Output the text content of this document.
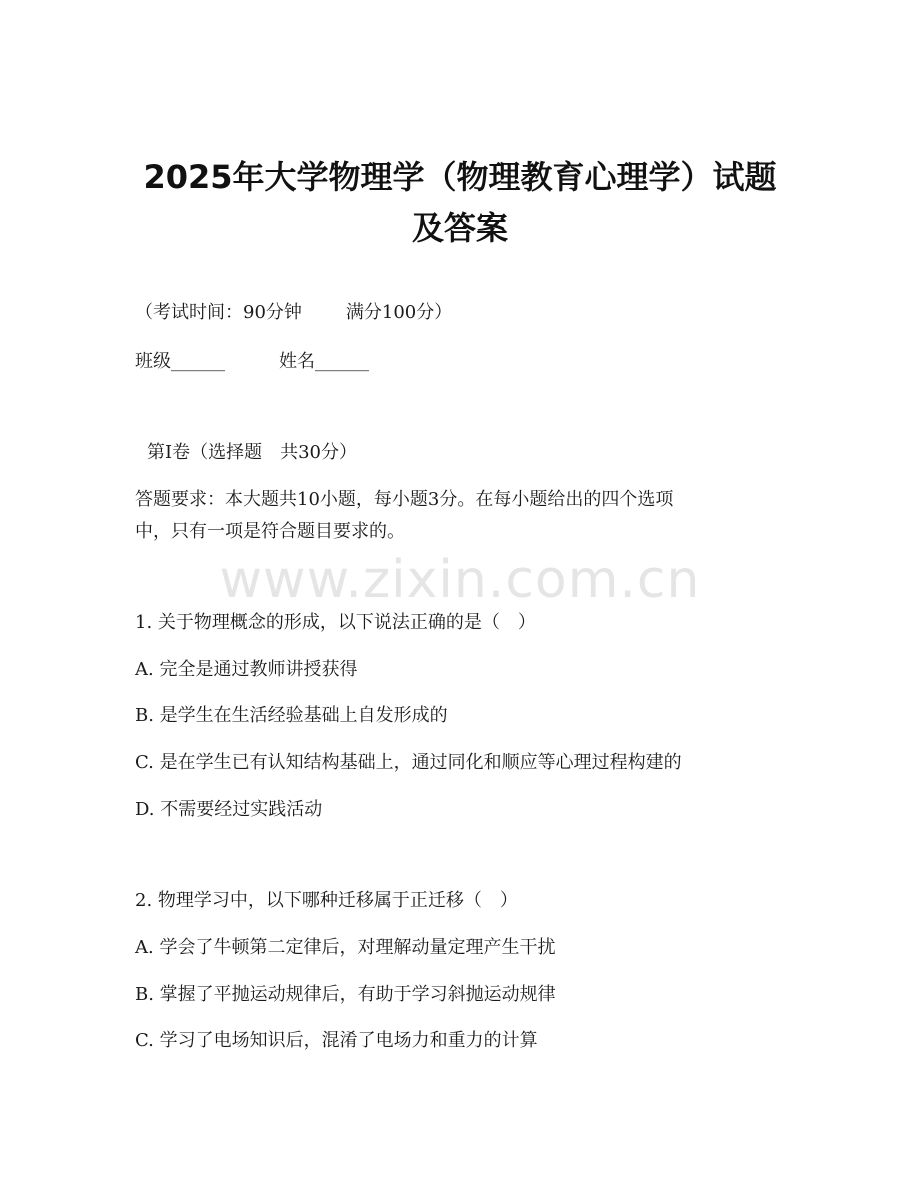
2025年大学物理学（物理教育心理学）试题
及答案

（考试时间：90分钟 满分100分）

班级______	姓名______

第Ⅰ卷（选择题　共30分）

答题要求：本大题共10小题，每小题3分。在每小题给出的四个选项

中，只有一项是符合题目要求的。

www.zixin.com.cn

1. 关于物理概念的形成，以下说法正确的是（　）

A. 完全是通过教师讲授获得

B. 是学生在生活经验基础上自发形成的

C. 是在学生已有认知结构基础上，通过同化和顺应等心理过程构建的

D. 不需要经过实践活动

2. 物理学习中，以下哪种迁移属于正迁移（　）

A. 学会了牛顿第二定律后，对理解动量定理产生干扰

B. 掌握了平抛运动规律后，有助于学习斜抛运动规律

C. 学习了电场知识后，混淆了电场力和重力的计算
